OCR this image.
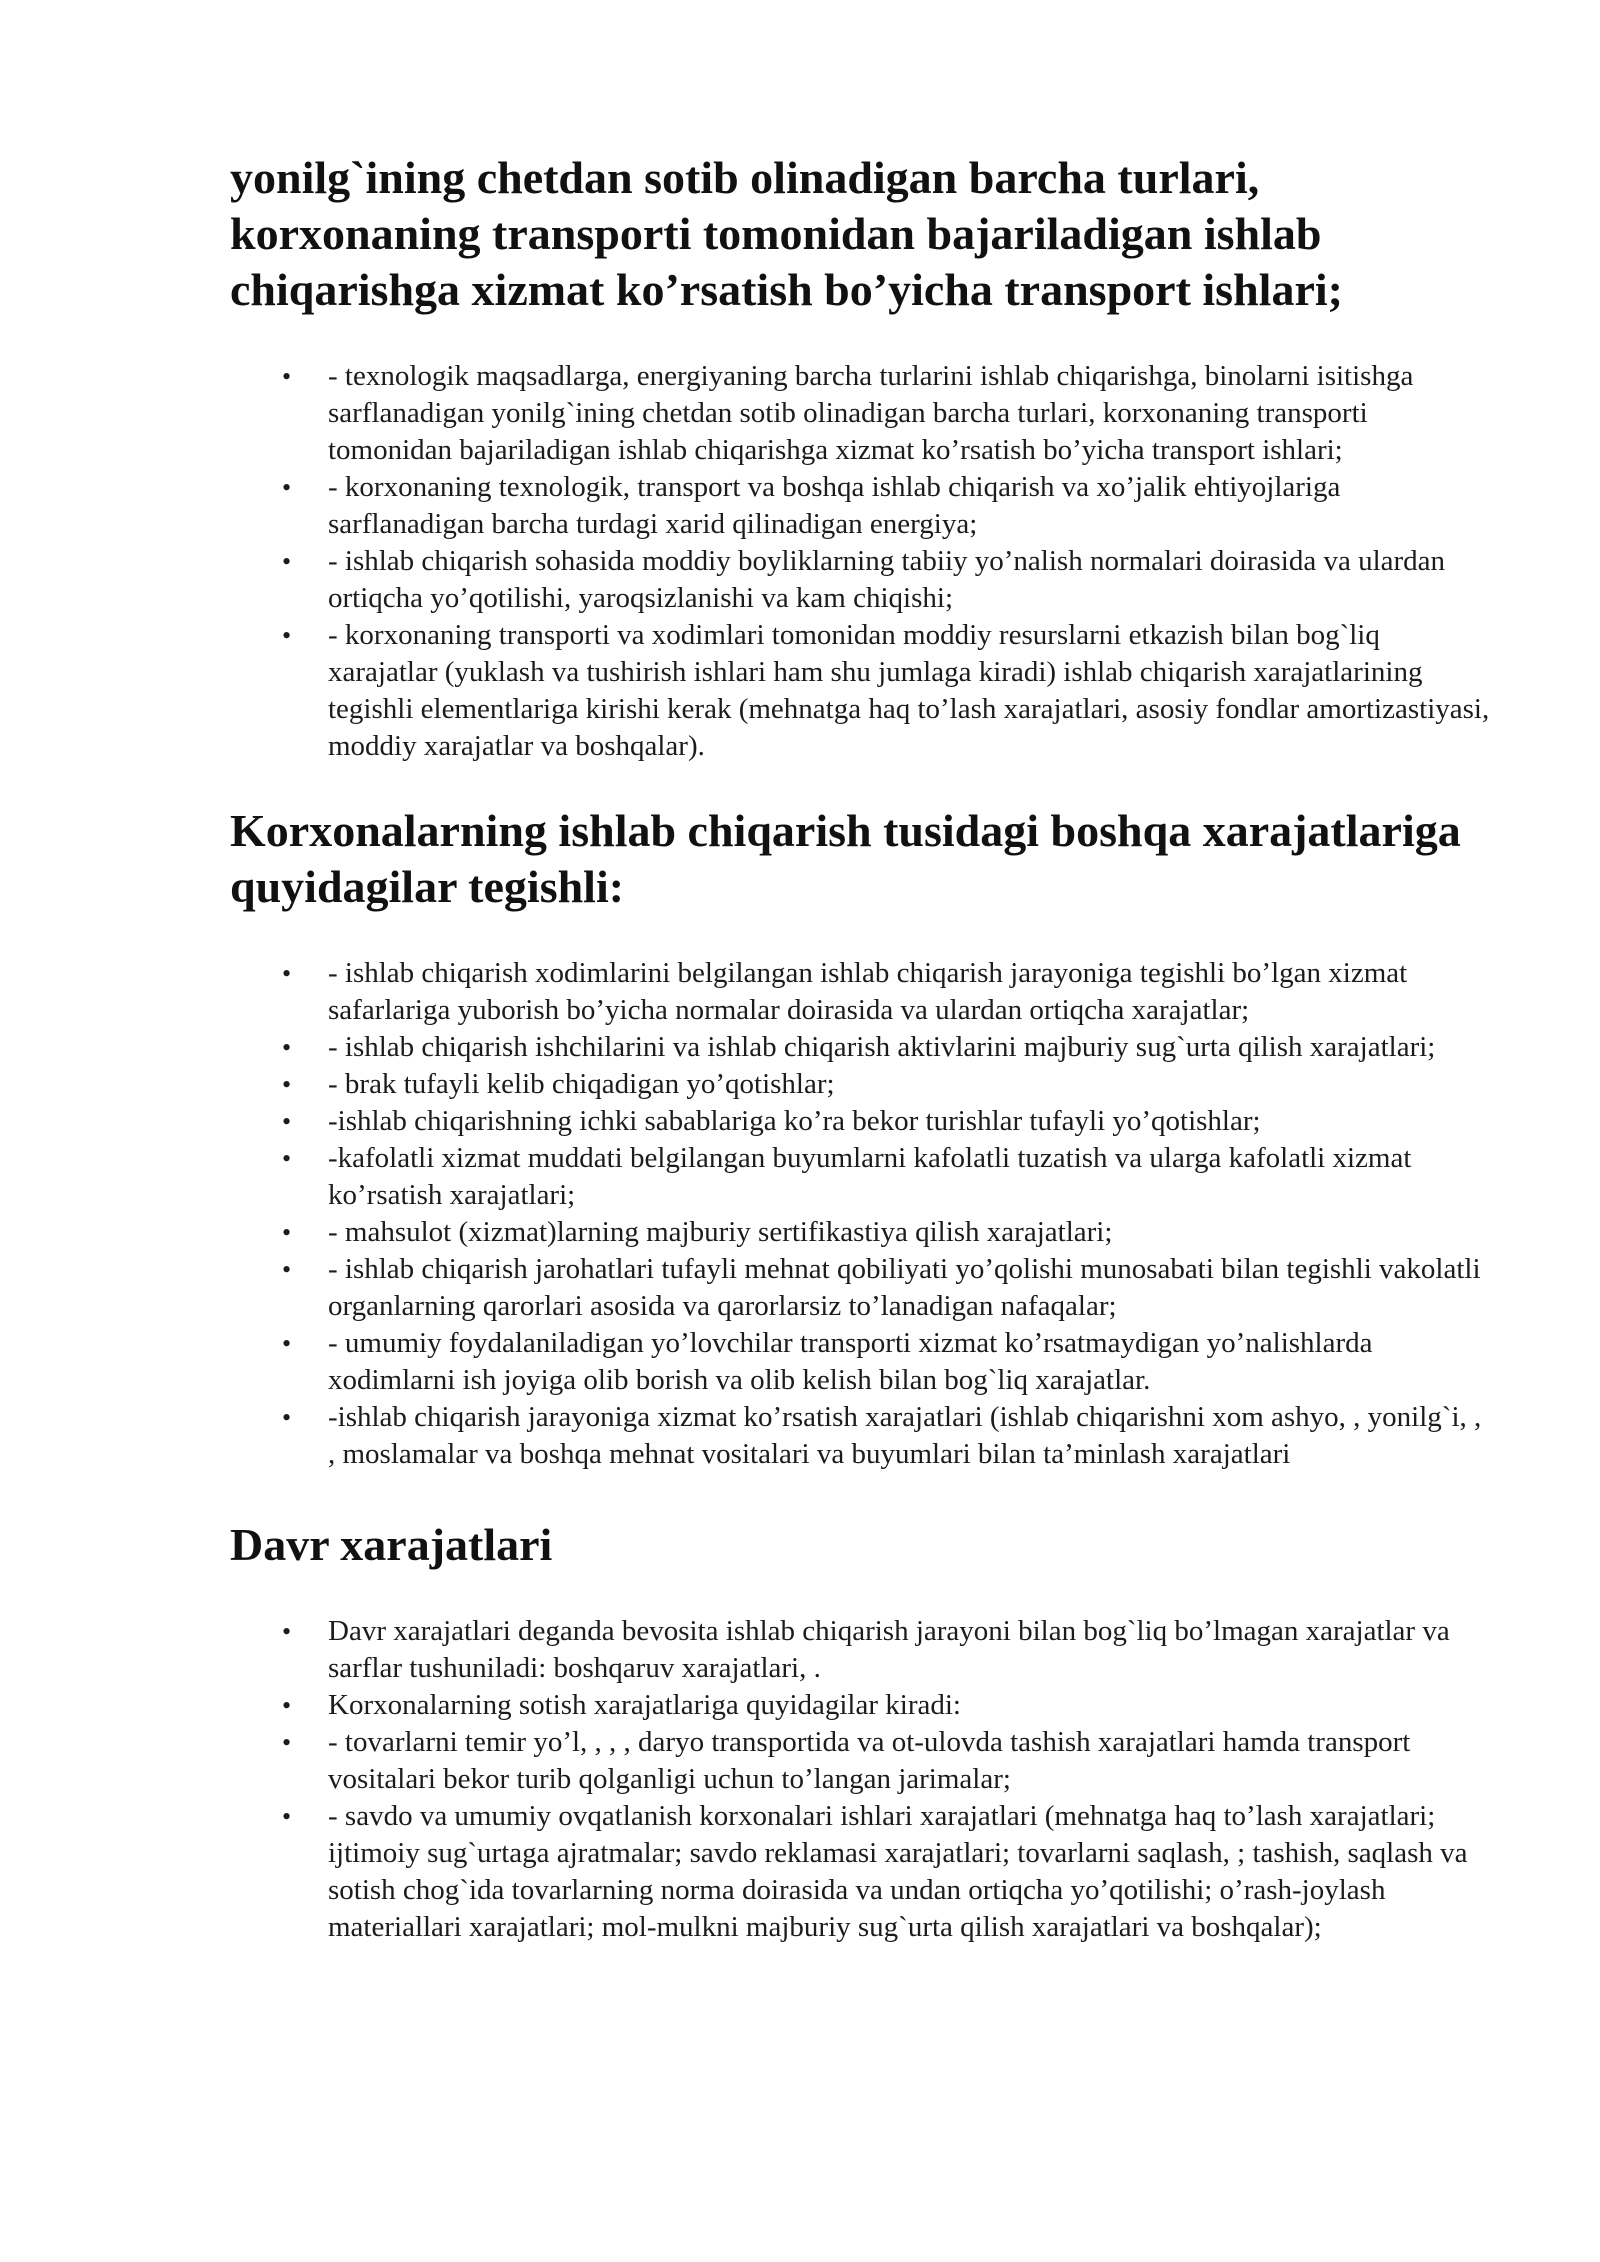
yonilg`ining chetdan sotib olinadigan barcha turlari, korxonaning transporti tomonidan bajariladigan ishlab chiqarishga xizmat ko’rsatish bo’yicha transport ishlari;
• - texnologik maqsadlarga, energiyaning barcha turlarini ishlab chiqarishga, binolarni isitishga sarflanadigan yonilg`ining chetdan sotib olinadigan barcha turlari, korxonaning transporti tomonidan bajariladigan ishlab chiqarishga xizmat ko’rsatish bo’yicha transport ishlari;
• - korxonaning texnologik, transport va boshqa ishlab chiqarish va xo’jalik ehtiyojlariga sarflanadigan barcha turdagi xarid qilinadigan energiya;
• - ishlab chiqarish sohasida moddiy boyliklarning tabiiy yo’nalish normalari doirasida va ulardan ortiqcha yo’qotilishi, yaroqsizlanishi va kam chiqishi;
• - korxonaning transporti va xodimlari tomonidan moddiy resurslarni etkazish bilan bog`liq xarajatlar (yuklash va tushirish ishlari ham shu jumlaga kiradi) ishlab chiqarish xarajatlarining tegishli elementlariga kirishi kerak (mehnatga haq to’lash xarajatlari, asosiy fondlar amortizastiyasi, moddiy xarajatlar va boshqalar).
Korxonalarning ishlab chiqarish tusidagi boshqa xarajatlariga quyidagilar tegishli:
• - ishlab chiqarish xodimlarini belgilangan ishlab chiqarish jarayoniga tegishli bo’lgan xizmat safarlariga yuborish bo’yicha normalar doirasida va ulardan ortiqcha xarajatlar;
• - ishlab chiqarish ishchilarini va ishlab chiqarish aktivlarini majburiy sug`urta qilish xarajatlari;
• - brak tufayli kelib chiqadigan yo’qotishlar;
• -ishlab chiqarishning ichki sabablariga ko’ra bekor turishlar tufayli yo’qotishlar;
• -kafolatli xizmat muddati belgilangan buyumlarni kafolatli tuzatish va ularga kafolatli xizmat ko’rsatish xarajatlari;
• - mahsulot (xizmat)larning majburiy sertifikastiya qilish xarajatlari;
• - ishlab chiqarish jarohatlari tufayli mehnat qobiliyati yo’qolishi munosabati bilan tegishli vakolatli organlarning qarorlari asosida va qarorlarsiz to’lanadigan nafaqalar;
• - umumiy foydalaniladigan yo’lovchilar transporti xizmat ko’rsatmaydigan yo’nalishlarda xodimlarni ish joyiga olib borish va olib kelish bilan bog`liq xarajatlar.
• -ishlab chiqarish jarayoniga xizmat ko’rsatish xarajatlari (ishlab chiqarishni xom ashyo, , yonilg`i, , , moslamalar va boshqa mehnat vositalari va buyumlari bilan ta’minlash xarajatlari
Davr xarajatlari
• Davr xarajatlari deganda bevosita ishlab chiqarish jarayoni bilan bog`liq bo’lmagan xarajatlar va sarflar tushuniladi: boshqaruv xarajatlari, .
• Korxonalarning sotish xarajatlariga quyidagilar kiradi:
• - tovarlarni temir yo’l, , , , daryo transportida va ot-ulovda tashish xarajatlari hamda transport vositalari bekor turib qolganligi uchun to’langan jarimalar;
• - savdo va umumiy ovqatlanish korxonalari ishlari xarajatlari (mehnatga haq to’lash xarajatlari; ijtimoiy sug`urtaga ajratmalar; savdo reklamasi xarajatlari; tovarlarni saqlash, ; tashish, saqlash va sotish chog`ida tovarlarning norma doirasida va undan ortiqcha yo’qotilishi; o’rash-joylash materiallari xarajatlari; mol-mulkni majburiy sug`urta qilish xarajatlari va boshqalar);
